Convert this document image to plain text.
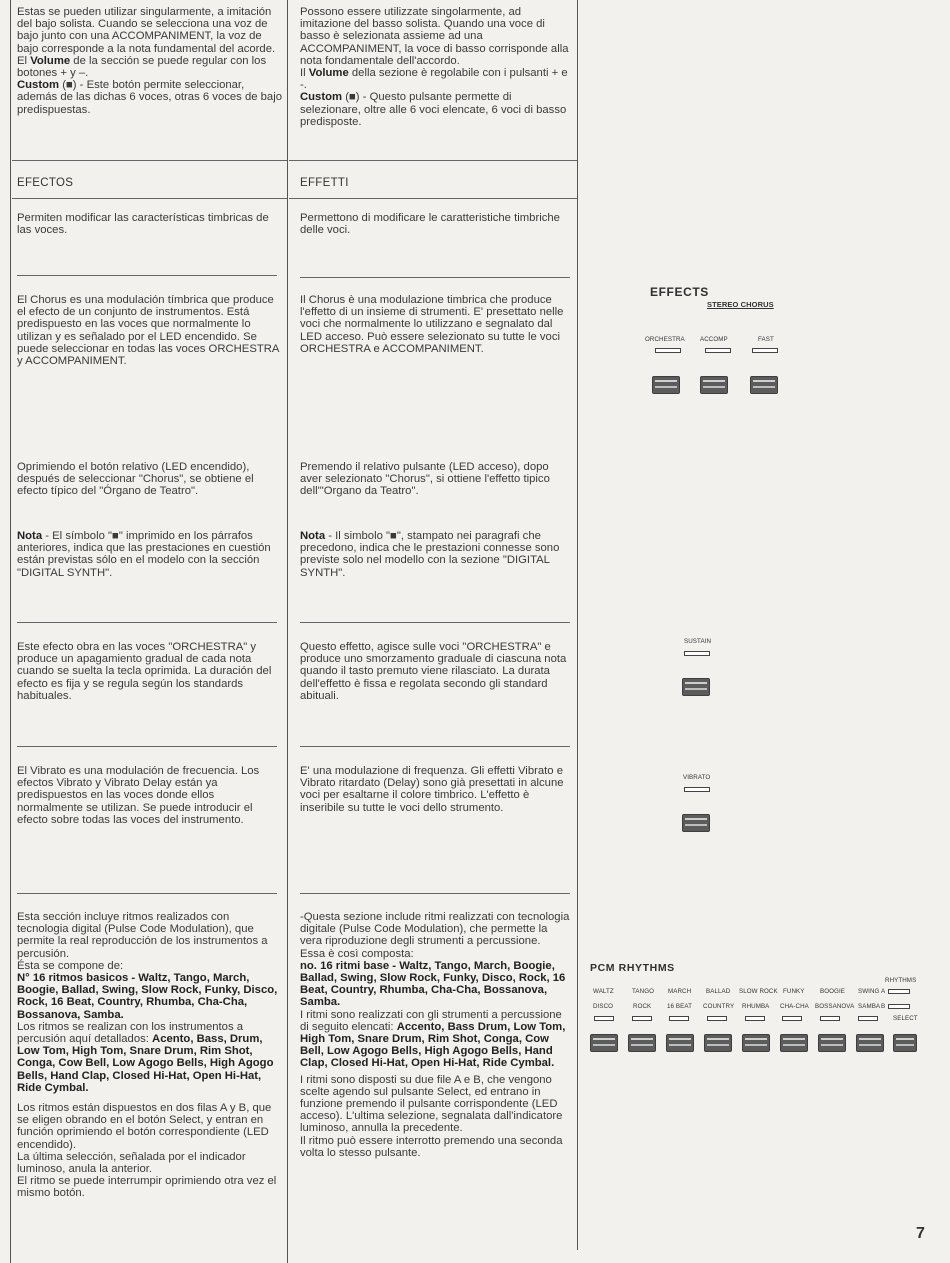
Estas se pueden utilizar singularmente, a imitación del bajo solista. Cuando se selecciona una voz de bajo junto con una ACCOMPANIMENT, la voz de bajo corresponde a la nota fundamental del acorde.

El Volume de la sección se puede regular con los botones + y –.

Custom (■) - Este botón permite seleccionar, además de las dichas 6 voces, otras 6 voces de bajo predispuestas.

EFECTOS
Permiten modificar las características timbricas de las voces.
El Chorus es una modulación tímbrica que produce el efecto de un conjunto de instrumentos. Está predispuesto en las voces que normalmente lo utilizan y es señalado por el LED encendido. Se puede seleccionar en todas las voces ORCHESTRA y ACCOMPANIMENT.
Oprimiendo el botón relativo (LED encendido), después de seleccionar "Chorus", se obtiene el efecto típico del "Órgano de Teatro".

Nota - El símbolo "■" imprimido en los párrafos anteriores, indica que las prestaciones en cuestión están previstas sólo en el modelo con la sección "DIGITAL SYNTH".

Este efecto obra en las voces "ORCHESTRA" y produce un apagamiento gradual de cada nota cuando se suelta la tecla oprimida. La duración del efecto es fija y se regula según los standards habituales.
El Vibrato es una modulación de frecuencia. Los efectos Vibrato y Vibrato Delay están ya predispuestos en las voces donde ellos normalmente se utilizan. Se puede introducir el efecto sobre todas las voces del instrumento.

Esta sección incluye ritmos realizados con tecnologia digital (Pulse Code Modulation), que permite la real reproducción de los instrumentos a percusión.

Ésta se compone de:

N° 16 ritmos basicos - Waltz, Tango, March, Boogie, Ballad, Swing, Slow Rock, Funky, Disco, Rock, 16 Beat, Country, Rhumba, Cha-Cha, Bossanova, Samba.

Los ritmos se realizan con los instrumentos a percusión aquí detallados: Acento, Bass, Drum, Low Tom, High Tom, Snare Drum, Rim Shot, Conga, Cow Bell, Low Agogo Bells, High Agogo Bells, Hand Clap, Closed Hi-Hat, Open Hi-Hat, Ride Cymbal.

Los ritmos están dispuestos en dos filas A y B, que se eligen obrando en el botón Select, y entran en función oprimiendo el botón correspondiente (LED encendido).

La última selección, señalada por el indicador luminoso, anula la anterior.

El ritmo se puede interrumpir oprimiendo otra vez el mismo botón.

Possono essere utilizzate singolarmente, ad imitazione del basso solista. Quando una voce di basso è selezionata assieme ad una ACCOMPANIMENT, la voce di basso corrisponde alla nota fondamentale dell'accordo.

Il Volume della sezione è regolabile con i pulsanti + e -.

Custom (■) - Questo pulsante permette di selezionare, oltre alle 6 voci elencate, 6 voci di basso predisposte.

EFFETTI
Permettono di modificare le caratteristiche timbriche delle voci.
Il Chorus è una modulazione timbrica che produce l'effetto di un insieme di strumenti. E' presettato nelle voci che normalmente lo utilizzano e segnalato dal LED acceso. Può essere selezionato su tutte le voci ORCHESTRA e ACCOMPANIMENT.
Premendo il relativo pulsante (LED acceso), dopo aver selezionato "Chorus", si ottiene l'effetto tipico dell'"Organo da Teatro".

Nota - Il simbolo "■", stampato nei paragrafi che precedono, indica che le prestazioni connesse sono previste solo nel modello con la sezione "DIGITAL SYNTH".

Questo effetto, agisce sulle voci "ORCHESTRA" e produce uno smorzamento graduale di ciascuna nota quando il tasto premuto viene rilasciato. La durata dell'effetto è fissa e regolata secondo gli standard abituali.
E' una modulazione di frequenza. Gli effetti Vibrato e Vibrato ritardato (Delay) sono già presettati in alcune voci per esaltarne il colore timbrico. L'effetto è inseribile su tutte le voci dello strumento.

-Questa sezione include ritmi realizzati con tecnologia digitale (Pulse Code Modulation), che permette la vera riproduzione degli strumenti a percussione.

Essa è così composta:

no. 16 ritmi base - Waltz, Tango, March, Boogie, Ballad, Swing, Slow Rock, Funky, Disco, Rock, 16 Beat, Country, Rhumba, Cha-Cha, Bossanova, Samba.

I ritmi sono realizzati con gli strumenti a percussione di seguito elencati: Accento, Bass Drum, Low Tom, High Tom, Snare Drum, Rim Shot, Conga, Cow Bell, Low Agogo Bells, High Agogo Bells, Hand Clap, Closed Hi-Hat, Open Hi-Hat, Ride Cymbal.

I ritmi sono disposti su due file A e B, che vengono scelte agendo sul pulsante Select, ed entrano in funzione premendo il pulsante corrispondente (LED acceso). L'ultima selezione, segnalata dall'indicatore luminoso, annulla la precedente.

Il ritmo può essere interrotto premendo una seconda volta lo stesso pulsante.

EFFECTS
STEREO CHORUS
ORCHESTRA ACCOMP	FAST
SUSTAIN
VIBRATO
PCM RHYTHMS
RHYTHMS
WALTZ	TANGO MARCH BALLAD SLOW ROCK FUNKY	BOOGIE SWING A
DISCO	ROCK	16 BEAT COUNTRY RHUMBA CHA-CHA BOSSANOVA SAMBA B
SELECT
7
